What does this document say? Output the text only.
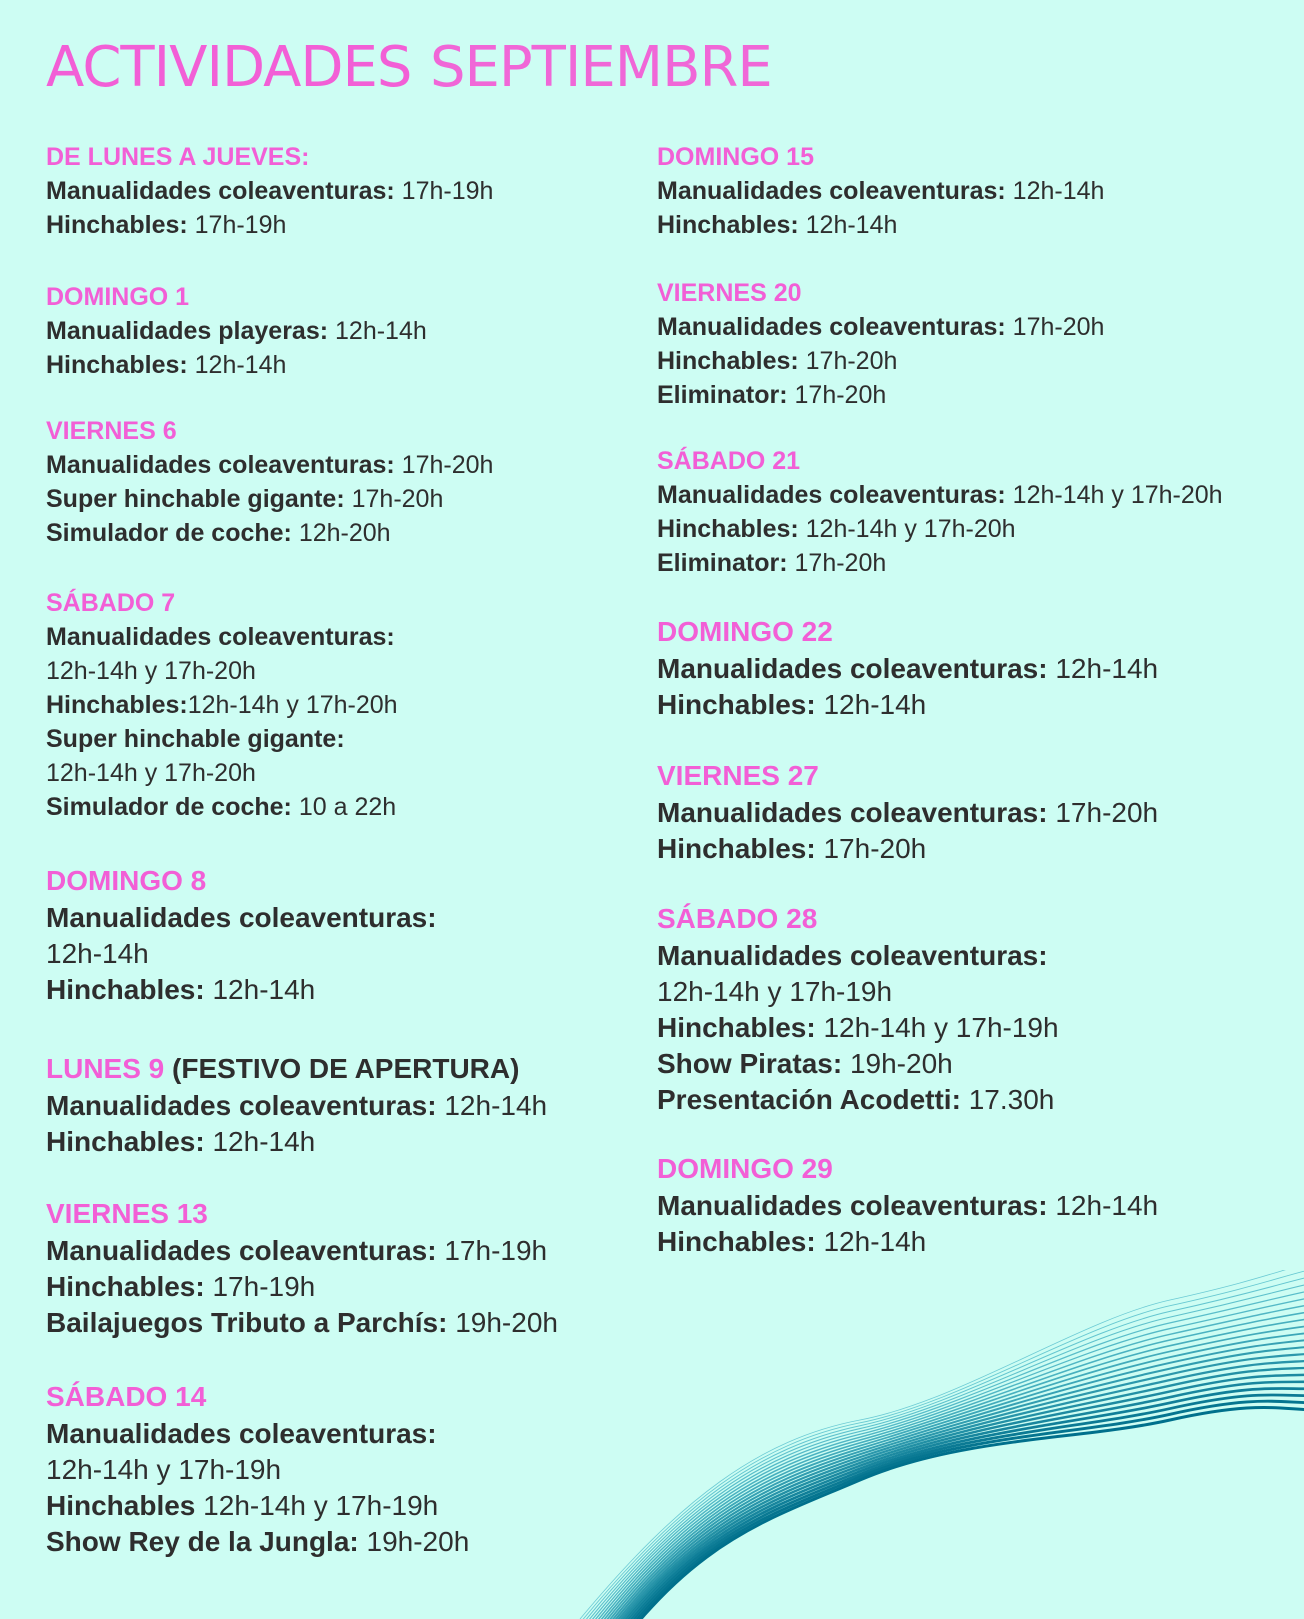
ACTIVIDADES SEPTIEMBRE
DE LUNES A JUEVES:
Manualidades coleaventuras: 17h-19h
Hinchables: 17h-19h
DOMINGO 1
Manualidades playeras: 12h-14h
Hinchables: 12h-14h
VIERNES 6
Manualidades coleaventuras: 17h-20h
Super hinchable gigante: 17h-20h
Simulador de coche: 12h-20h
SÁBADO 7
Manualidades coleaventuras:
12h-14h y 17h-20h
Hinchables:12h-14h y 17h-20h
Super hinchable gigante:
12h-14h y 17h-20h
Simulador de coche: 10 a 22h
DOMINGO 8
Manualidades coleaventuras:
12h-14h
Hinchables: 12h-14h
LUNES 9 (FESTIVO DE APERTURA)
Manualidades coleaventuras: 12h-14h
Hinchables: 12h-14h
VIERNES 13
Manualidades coleaventuras: 17h-19h
Hinchables: 17h-19h
Bailajuegos Tributo a Parchís: 19h-20h
SÁBADO 14
Manualidades coleaventuras:
12h-14h y 17h-19h
Hinchables 12h-14h y 17h-19h
Show Rey de la Jungla: 19h-20h
DOMINGO 15
Manualidades coleaventuras: 12h-14h
Hinchables: 12h-14h
VIERNES 20
Manualidades coleaventuras: 17h-20h
Hinchables: 17h-20h
Eliminator: 17h-20h
SÁBADO 21
Manualidades coleaventuras: 12h-14h y 17h-20h
Hinchables: 12h-14h y 17h-20h
Eliminator: 17h-20h
DOMINGO 22
Manualidades coleaventuras: 12h-14h
Hinchables: 12h-14h
VIERNES 27
Manualidades coleaventuras: 17h-20h
Hinchables: 17h-20h
SÁBADO 28
Manualidades coleaventuras:
12h-14h y 17h-19h
Hinchables: 12h-14h y 17h-19h
Show Piratas: 19h-20h
Presentación Acodetti: 17.30h
DOMINGO 29
Manualidades coleaventuras: 12h-14h
Hinchables: 12h-14h
